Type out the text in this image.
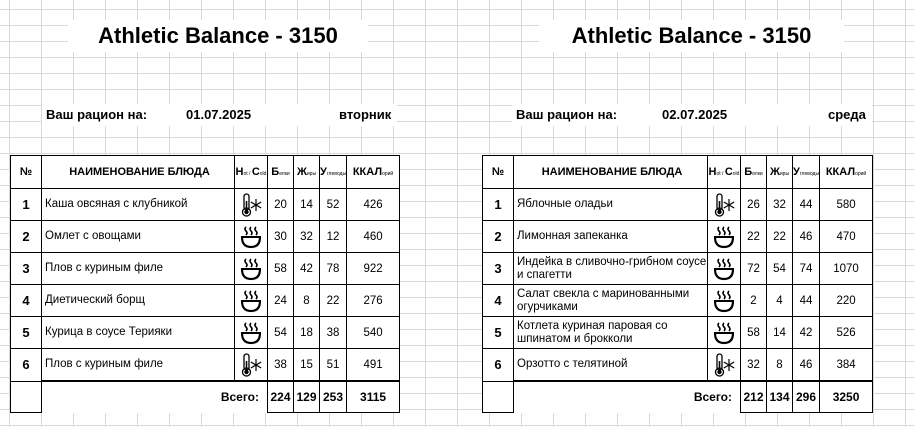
Athletic Balance - 3150
Ваш рацион на:	01.07.2025	вторник
№	НАИМЕНОВАНИЕ БЛЮДА	Нot / Сold	Белки	Жиры	Углеводы	ККАЛорий
1	Каша овсяная с клубникой		20	14	52	426
2	Омлет с овощами		30	32	12	460
3	Плов с куриным филе		58	42	78	922
4	Диетический борщ		24	8	22	276
5	Курица в соусе Терияки		54	18	38	540
6	Плов с куриным филе		38	15	51	491
	Всего:		224	129	253	3115
Athletic Balance - 3150
Ваш рацион на:	02.07.2025	среда
№	НАИМЕНОВАНИЕ БЛЮДА	Нot / Сold	Белки	Жиры	Углеводы	ККАЛорий
1	Яблочные оладьи		26	32	44	580
2	Лимонная запеканка		22	22	46	470
3	Индейка в сливочно-грибном соусе и спагетти		72	54	74	1070
4	Салат свекла с маринованными огурчиками		2	4	44	220
5	Котлета куриная паровая со шпинатом и брокколи		58	14	42	526
6	Орзотто с телятиной		32	8	46	384
	Всего:		212	134	296	3250
